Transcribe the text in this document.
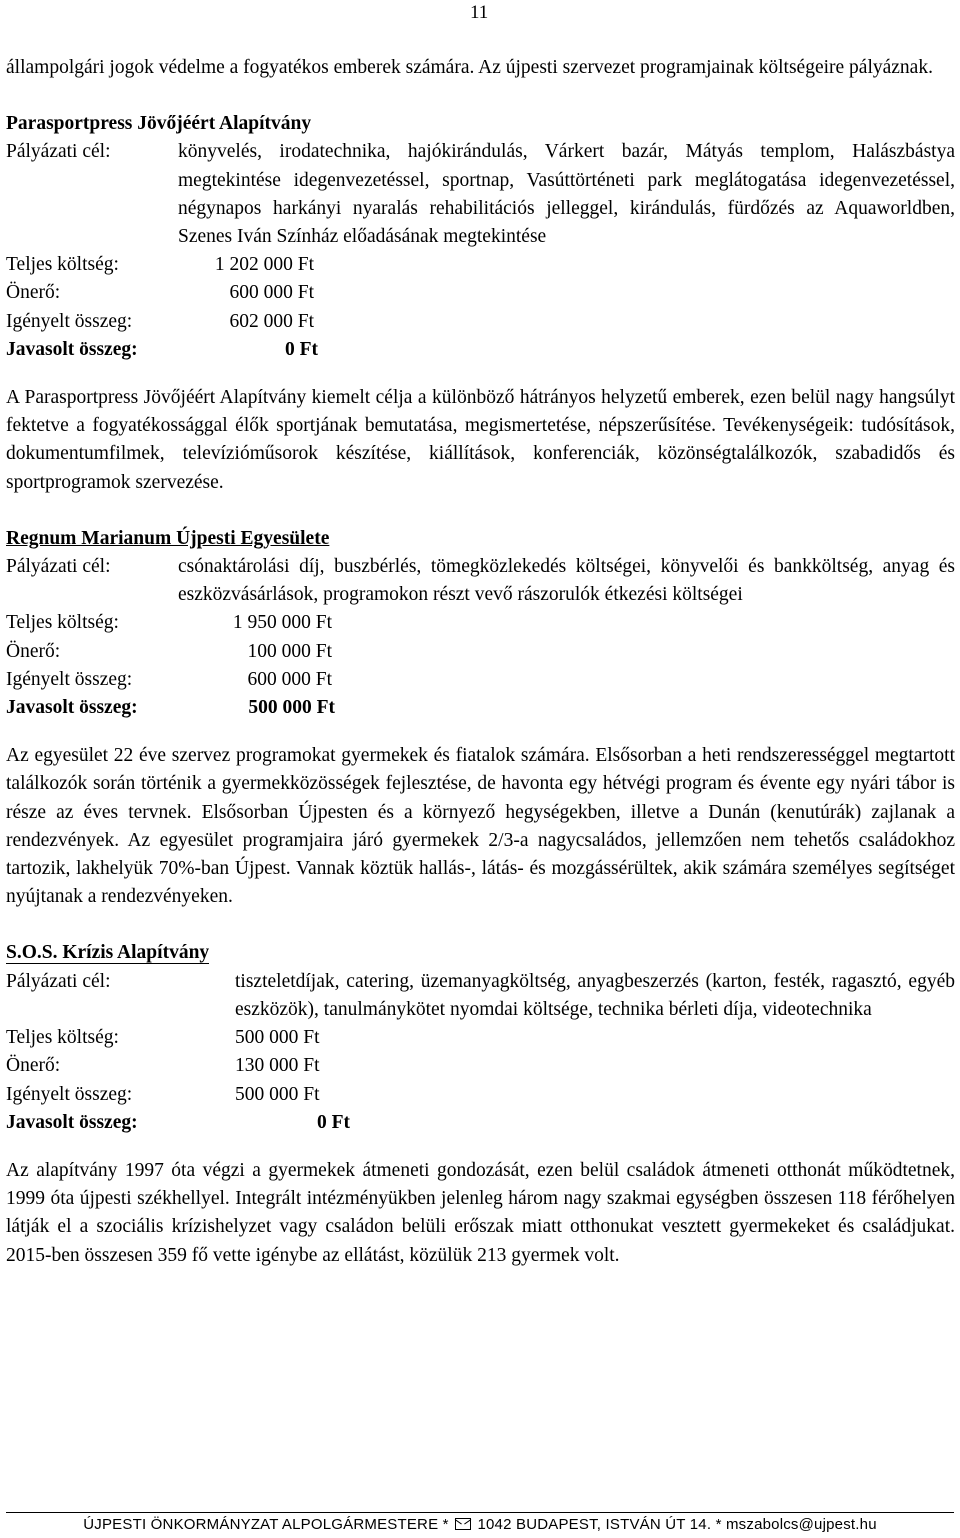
11

állampolgári jogok védelme a fogyatékos emberek számára. Az újpesti szervezet programjainak költségeire pályáznak.

Parasportpress Jövőjéért Alapítvány

Pályázati cél:	könyvelés, irodatechnika, hajókirándulás, Várkert bazár, Mátyás templom, Halászbástya megtekintése idegenvezetéssel, sportnap, Vasúttörténeti park meglátogatása idegenvezetéssel, négynapos harkányi nyaralás rehabilitációs jelleggel, kirándulás, fürdőzés az Aquaworldben, Szenes Iván Színház előadásának megtekintése
Teljes költség:	1 202 000 Ft
Önerő:	600 000 Ft
Igényelt összeg:	602 000 Ft
Javasolt összeg:	0 Ft

A Parasportpress Jövőjéért Alapítvány kiemelt célja a különböző hátrányos helyzetű emberek, ezen belül nagy hangsúlyt fektetve a fogyatékossággal élők sportjának bemutatása, megismertetése, népszerűsítése. Tevékenységeik: tudósítások, dokumentumfilmek, televízióműsorok készítése, kiállítások, konferenciák, közönségtalálkozók, szabadidős és sportprogramok szervezése.

Regnum Marianum Újpesti Egyesülete

Pályázati cél:	csónaktárolási díj, buszbérlés, tömegközlekedés költségei, könyvelői és bankköltség, anyag és eszközvásárlások, programokon részt vevő rászorulók étkezési költségei
Teljes költség:	1 950 000 Ft
Önerő:	100 000 Ft
Igényelt összeg:	600 000 Ft
Javasolt összeg:	500 000 Ft

Az egyesület 22 éve szervez programokat gyermekek és fiatalok számára. Elsősorban a heti rendszerességgel megtartott találkozók során történik a gyermekközösségek fejlesztése, de havonta egy hétvégi program és évente egy nyári tábor is része az éves tervnek. Elsősorban Újpesten és a környező hegységekben, illetve a Dunán (kenutúrák) zajlanak a rendezvények. Az egyesület programjaira járó gyermekek 2/3-a nagycsaládos, jellemzően nem tehetős családokhoz tartozik, lakhelyük 70%-ban Újpest. Vannak köztük hallás-, látás- és mozgássérültek, akik számára személyes segítséget nyújtanak a rendezvényeken.

S.O.S. Krízis Alapítvány

Pályázati cél:	tiszteletdíjak, catering, üzemanyagköltség, anyagbeszerzés (karton, festék, ragasztó, egyéb eszközök), tanulmánykötet nyomdai költsége, technika bérleti díja, videotechnika
Teljes költség:	500 000 Ft
Önerő:	130 000 Ft
Igényelt összeg:	500 000 Ft
Javasolt összeg:	0 Ft

Az alapítvány 1997 óta végzi a gyermekek átmeneti gondozását, ezen belül családok átmeneti otthonát működtetnek, 1999 óta újpesti székhellyel. Integrált intézményükben jelenleg három nagy szakmai egységben összesen 118 férőhelyen látják el a szociális krízishelyzet vagy családon belüli erőszak miatt otthonukat vesztett gyermekeket és családjukat. 2015-ben összesen 359 fő vette igénybe az ellátást, közülük 213 gyermek volt.

ÚJPESTI ÖNKORMÁNYZAT ALPOLGÁRMESTERE * 1042 BUDAPEST, ISTVÁN ÚT 14. * mszabolcs@ujpest.hu
